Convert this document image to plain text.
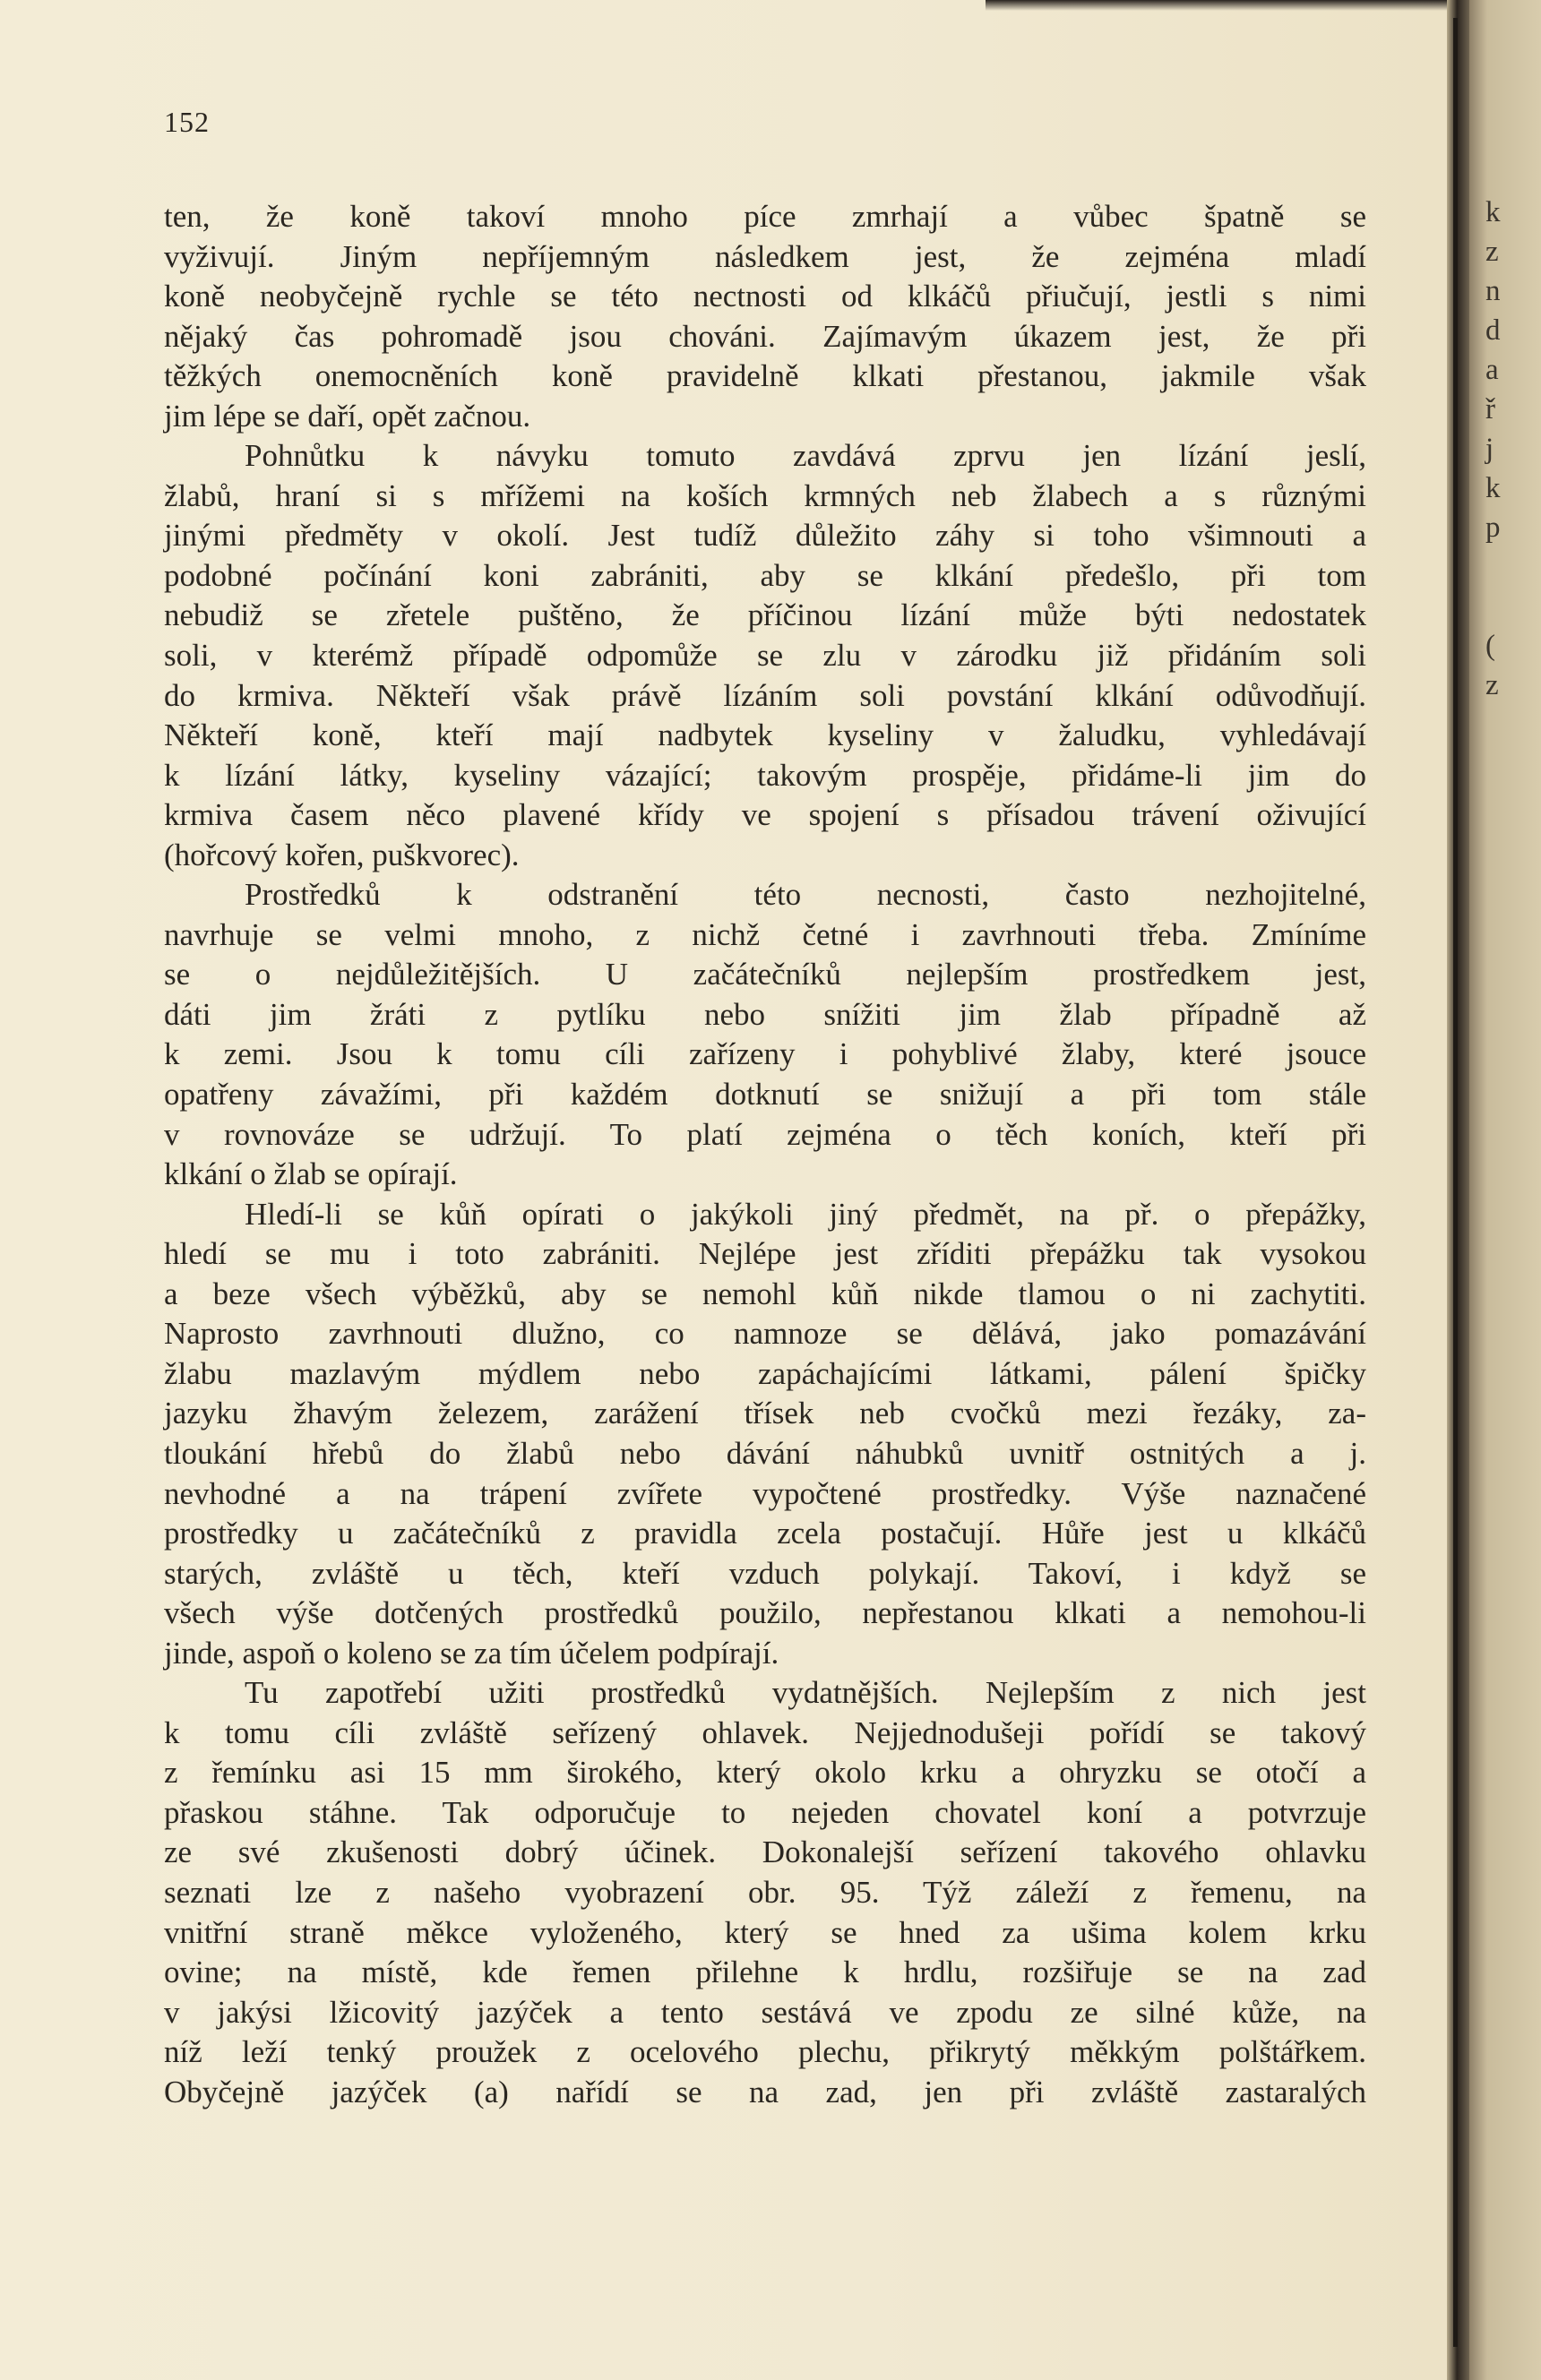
152
ten, že koně takoví mnoho píce zmrhají a vůbec špatně se
vyživují. Jiným nepříjemným následkem jest, že zejména mladí
koně neobyčejně rychle se této nectnosti od klkáčů přiučují, jestli s nimi
nějaký čas pohromadě jsou chováni. Zajímavým úkazem jest, že při
těžkých onemocněních koně pravidelně klkati přestanou, jakmile však
jim lépe se daří, opět začnou.
Pohnůtku k návyku tomuto zavdává zprvu jen lízání jeslí,
žlabů, hraní si s mřížemi na koších krmných neb žlabech a s různými
jinými předměty v okolí. Jest tudíž důležito záhy si toho všimnouti a
podobné počínání koni zabrániti, aby se klkání předešlo, při tom
nebudiž se zřetele puštěno, že příčinou lízání může býti nedostatek
soli, v kterémž případě odpomůže se zlu v zárodku již přidáním soli
do krmiva. Někteří však právě lízáním soli povstání klkání odůvodňují.
Někteří koně, kteří mají nadbytek kyseliny v žaludku, vyhledávají
k lízání látky, kyseliny vázající; takovým prospěje, přidáme-li jim do
krmiva časem něco plavené křídy ve spojení s přísadou trávení oživující
(hořcový kořen, puškvorec).
Prostředků k odstranění této necnosti, často nezhojitelné,
navrhuje se velmi mnoho, z nichž četné i zavrhnouti třeba. Zmíníme
se o nejdůležitějších. U začátečníků nejlepším prostředkem jest,
dáti jim žráti z pytlíku nebo snížiti jim žlab případně až
k zemi. Jsou k tomu cíli zařízeny i pohyblivé žlaby, které jsouce
opatřeny závažími, při každém dotknutí se snižují a při tom stále
v rovnováze se udržují. To platí zejména o těch koních, kteří při
klkání o žlab se opírají.
Hledí-li se kůň opírati o jakýkoli jiný předmět, na př. o přepážky,
hledí se mu i toto zabrániti. Nejlépe jest zříditi přepážku tak vysokou
a beze všech výběžků, aby se nemohl kůň nikde tlamou o ni zachytiti.
Naprosto zavrhnouti dlužno, co namnoze se dělává, jako pomazávání
žlabu mazlavým mýdlem nebo zapáchajícími látkami, pálení špičky
jazyku žhavým železem, zarážení třísek neb cvočků mezi řezáky, za-
tloukání hřebů do žlabů nebo dávání náhubků uvnitř ostnitých a j.
nevhodné a na trápení zvířete vypočtené prostředky. Výše naznačené
prostředky u začátečníků z pravidla zcela postačují. Hůře jest u klkáčů
starých, zvláště u těch, kteří vzduch polykají. Takoví, i když se
všech výše dotčených prostředků použilo, nepřestanou klkati a nemohou-li
jinde, aspoň o koleno se za tím účelem podpírají.
Tu zapotřebí užiti prostředků vydatnějších. Nejlepším z nich jest
k tomu cíli zvláště seřízený ohlavek. Nejjednodušeji pořídí se takový
z řemínku asi 15 mm širokého, který okolo krku a ohryzku se otočí a
přaskou stáhne. Tak odporučuje to nejeden chovatel koní a potvrzuje
ze své zkušenosti dobrý účinek. Dokonalejší seřízení takového ohlavku
seznati lze z našeho vyobrazení obr. 95. Týž záleží z řemenu, na
vnitřní straně měkce vyloženého, který se hned za ušima kolem krku
ovine; na místě, kde řemen přilehne k hrdlu, rozšiřuje se na zad
v jakýsi lžicovitý jazýček a tento sestává ve zpodu ze silné kůže, na
níž leží tenký proužek z ocelového plechu, přikrytý měkkým polštářkem.
Obyčejně jazýček (a) nařídí se na zad, jen při zvláště zastaralých
k
z
n
d
a
ř
j
k
p
(
z
